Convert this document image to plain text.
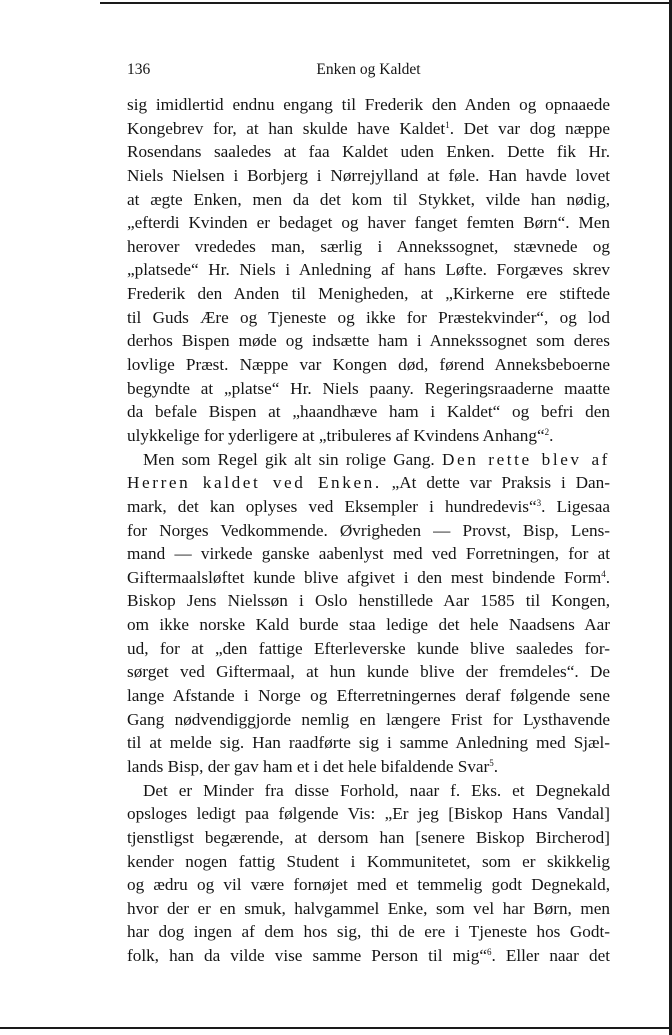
Enken og Kaldet
136
sig imidlertid endnu engang til Frederik den Anden og opnaaede
Kongebrev for, at han skulde have Kaldet$^1$. Det var dog næppe
Rosendans saaledes at faa Kaldet uden Enken. Dette fik Hr.
Niels Nielsen i Borbjerg i Nørrejylland at føle. Han havde lovet
at ægte Enken, men da det kom til Stykket, vilde han nødig,
„efterdi Kvinden er bedaget og haver fanget femten Børn“. Men
herover vrededes man, særlig i Annekssognet, stævnede og
„platsede“ Hr. Niels i Anledning af hans Løfte. Forgæves skrev
Frederik den Anden til Menigheden, at „Kirkerne ere stiftede
til Guds Ære og Tjeneste og ikke for Præstekvinder“, og lod
derhos Bispen møde og indsætte ham i Annekssognet som deres
lovlige Præst. Næppe var Kongen død, førend Anneksbeboerne
begyndte at „platse“ Hr. Niels paany. Regeringsraaderne maatte
da befale Bispen at „haandhæve ham i Kaldet“ og befri den
ulykkelige for yderligere at „tribuleres af Kvindens Anhang“$^2$.
Men som Regel gik alt sin rolige Gang. Den rette blev af
Herren kaldet ved Enken. „At dette var Praksis i Dan-
mark, det kan oplyses ved Eksempler i hundredevis“$^3$. Ligesaa
for Norges Vedkommende. Øvrigheden — Provst, Bisp, Lens-
mand — virkede ganske aabenlyst med ved Forretningen, for at
Giftermaalsløftet kunde blive afgivet i den mest bindende Form$^4$.
Biskop Jens Nielssøn i Oslo henstillede Aar 1585 til Kongen,
om ikke norske Kald burde staa ledige det hele Naadsens Aar
ud, for at „den fattige Efterleverske kunde blive saaledes for-
sørget ved Giftermaal, at hun kunde blive der fremdeles“. De
lange Afstande i Norge og Efterretningernes deraf følgende sene
Gang nødvendiggjorde nemlig en længere Frist for Lysthavende
til at melde sig. Han raadførte sig i samme Anledning med Sjæl-
lands Bisp, der gav ham et i det hele bifaldende Svar$^5$.
Det er Minder fra disse Forhold, naar f. Eks. et Degnekald
opsloges ledigt paa følgende Vis: „Er jeg [Biskop Hans Vandal]
tjenstligst begærende, at dersom han [senere Biskop Bircherod]
kender nogen fattig Student i Kommunitetet, som er skikkelig
og ædru og vil være fornøjet med et temmelig godt Degnekald,
hvor der er en smuk, halvgammel Enke, som vel har Børn, men
har dog ingen af dem hos sig, thi de ere i Tjeneste hos Godt-
folk, han da vilde vise samme Person til mig“$^6$. Eller naar det
